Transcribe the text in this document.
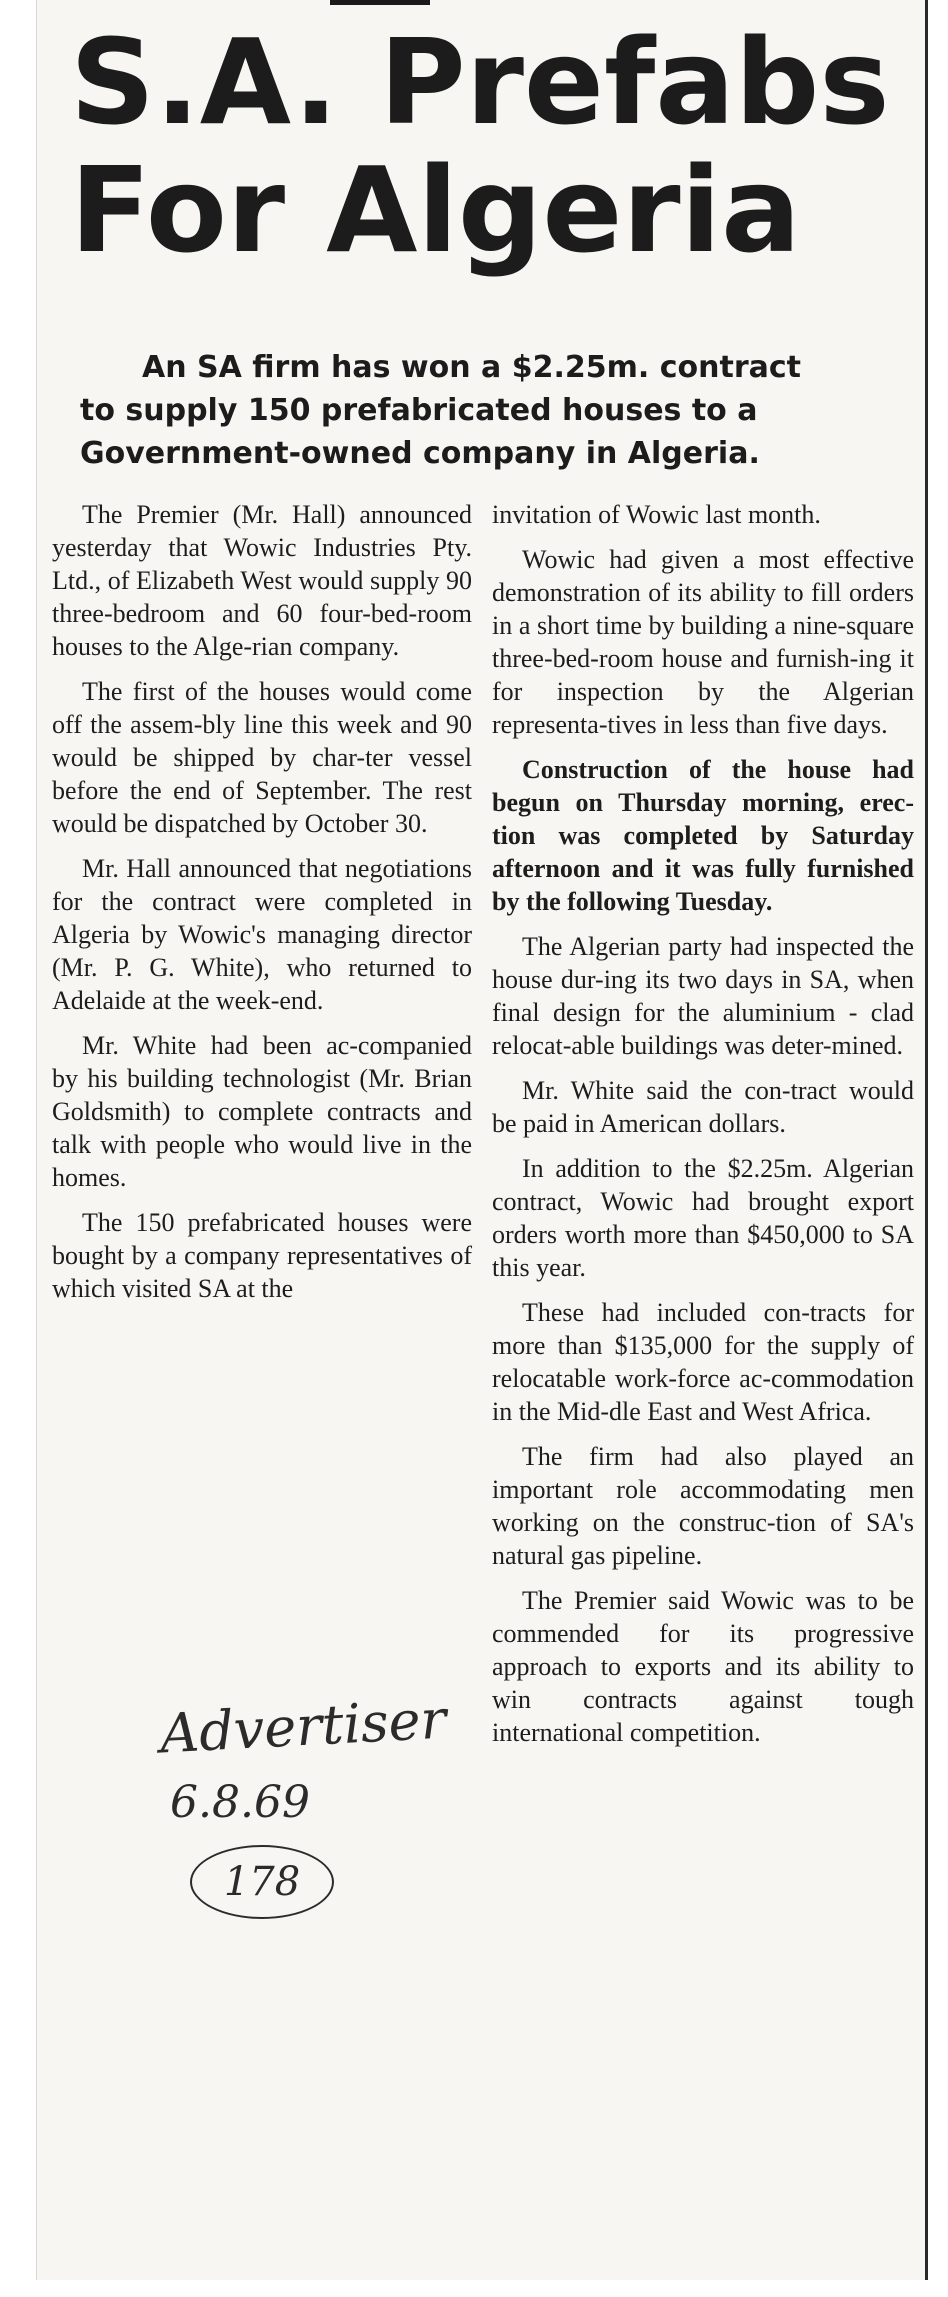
S.A. Prefabs
For Algeria
An SA firm has won a $2.25m. contract
to supply 150 prefabricated houses to a
Government-owned company in Algeria.

The Premier (Mr. Hall) announced yesterday that Wowic Industries Pty. Ltd., of Elizabeth West would supply 90 three-bedroom and 60 four-bed-room houses to the Alge-rian company.

The first of the houses would come off the assem-bly line this week and 90 would be shipped by char-ter vessel before the end of September. The rest would be dispatched by October 30.

Mr. Hall announced that negotiations for the contract were completed in Algeria by Wowic's managing director (Mr. P. G. White), who returned to Adelaide at the week-end.

Mr. White had been ac-companied by his building technologist (Mr. Brian Goldsmith) to complete contracts and talk with people who would live in the homes.

The 150 prefabricated houses were bought by a company representatives of which visited SA at the

invitation of Wowic last month.

Wowic had given a most effective demonstration of its ability to fill orders in a short time by building a nine-square three-bed-room house and furnish-ing it for inspection by the Algerian representa-tives in less than five days.

Construction of the house had begun on Thursday morning, erec-tion was completed by Saturday afternoon and it was fully furnished by the following Tuesday.

The Algerian party had inspected the house dur-ing its two days in SA, when final design for the aluminium - clad relocat-able buildings was deter-mined.

Mr. White said the con-tract would be paid in American dollars.

In addition to the $2.25m. Algerian contract, Wowic had brought export orders worth more than $450,000 to SA this year.

These had included con-tracts for more than $135,000 for the supply of relocatable work-force ac-commodation in the Mid-dle East and West Africa.

The firm had also played an important role accommodating men working on the construc-tion of SA's natural gas pipeline.

The Premier said Wowic was to be commended for its progressive approach to exports and its ability to win contracts against tough international competition.

Advertiser
6.8.69
178
